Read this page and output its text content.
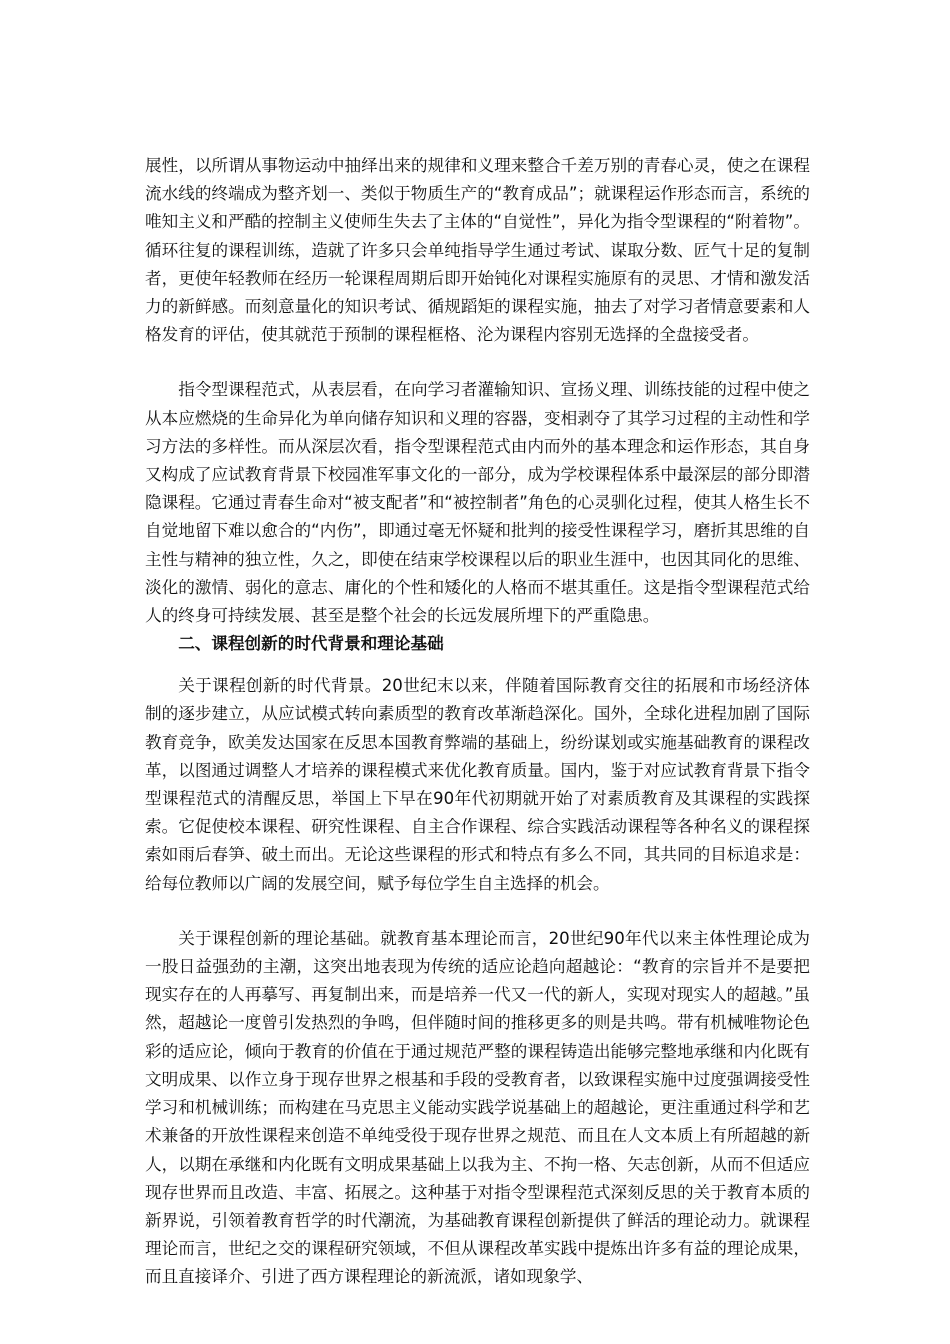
展性，以所谓从事物运动中抽绎出来的规律和义理来整合千差万别的青春心灵，使之在课程流水线的终端成为整齐划一、类似于物质生产的“教育成品”；就课程运作形态而言，系统的唯知主义和严酷的控制主义使师生失去了主体的“自觉性”，异化为指令型课程的“附着物”。循环往复的课程训练，造就了许多只会单纯指导学生通过考试、谋取分数、匠气十足的复制者，更使年轻教师在经历一轮课程周期后即开始钝化对课程实施原有的灵思、才情和激发活力的新鲜感。而刻意量化的知识考试、循规蹈矩的课程实施，抽去了对学习者情意要素和人格发育的评估，使其就范于预制的课程框格、沦为课程内容别无选择的全盘接受者。

指令型课程范式，从表层看，在向学习者灌输知识、宣扬义理、训练技能的过程中使之从本应燃烧的生命异化为单向储存知识和义理的容器，变相剥夺了其学习过程的主动性和学习方法的多样性。而从深层次看，指令型课程范式由内而外的基本理念和运作形态，其自身又构成了应试教育背景下校园准军事文化的一部分，成为学校课程体系中最深层的部分即潜隐课程。它通过青春生命对“被支配者”和“被控制者”角色的心灵驯化过程，使其人格生长不自觉地留下难以愈合的“内伤”，即通过毫无怀疑和批判的接受性课程学习，磨折其思维的自主性与精神的独立性，久之，即使在结束学校课程以后的职业生涯中，也因其同化的思维、淡化的激情、弱化的意志、庸化的个性和矮化的人格而不堪其重任。这是指令型课程范式给人的终身可持续发展、甚至是整个社会的长远发展所埋下的严重隐患。

二、课程创新的时代背景和理论基础

关于课程创新的时代背景。20世纪末以来，伴随着国际教育交往的拓展和市场经济体制的逐步建立，从应试模式转向素质型的教育改革渐趋深化。国外，全球化进程加剧了国际教育竞争，欧美发达国家在反思本国教育弊端的基础上，纷纷谋划或实施基础教育的课程改革，以图通过调整人才培养的课程模式来优化教育质量。国内，鉴于对应试教育背景下指令型课程范式的清醒反思，举国上下早在90年代初期就开始了对素质教育及其课程的实践探索。它促使校本课程、研究性课程、自主合作课程、综合实践活动课程等各种名义的课程探索如雨后春笋、破土而出。无论这些课程的形式和特点有多么不同，其共同的目标追求是：给每位教师以广阔的发展空间，赋予每位学生自主选择的机会。

关于课程创新的理论基础。就教育基本理论而言，20世纪90年代以来主体性理论成为一股日益强劲的主潮，这突出地表现为传统的适应论趋向超越论：“教育的宗旨并不是要把现实存在的人再摹写、再复制出来，而是培养一代又一代的新人，实现对现实人的超越。”虽然，超越论一度曾引发热烈的争鸣，但伴随时间的推移更多的则是共鸣。带有机械唯物论色彩的适应论，倾向于教育的价值在于通过规范严整的课程铸造出能够完整地承继和内化既有文明成果、以作立身于现存世界之根基和手段的受教育者，以致课程实施中过度强调接受性学习和机械训练；而构建在马克思主义能动实践学说基础上的超越论，更注重通过科学和艺术兼备的开放性课程来创造不单纯受役于现存世界之规范、而且在人文本质上有所超越的新人，以期在承继和内化既有文明成果基础上以我为主、不拘一格、矢志创新，从而不但适应现存世界而且改造、丰富、拓展之。这种基于对指令型课程范式深刻反思的关于教育本质的新界说，引领着教育哲学的时代潮流，为基础教育课程创新提供了鲜活的理论动力。就课程理论而言，世纪之交的课程研究领域，不但从课程改革实践中提炼出许多有益的理论成果，而且直接译介、引进了西方课程理论的新流派，诸如现象学、
